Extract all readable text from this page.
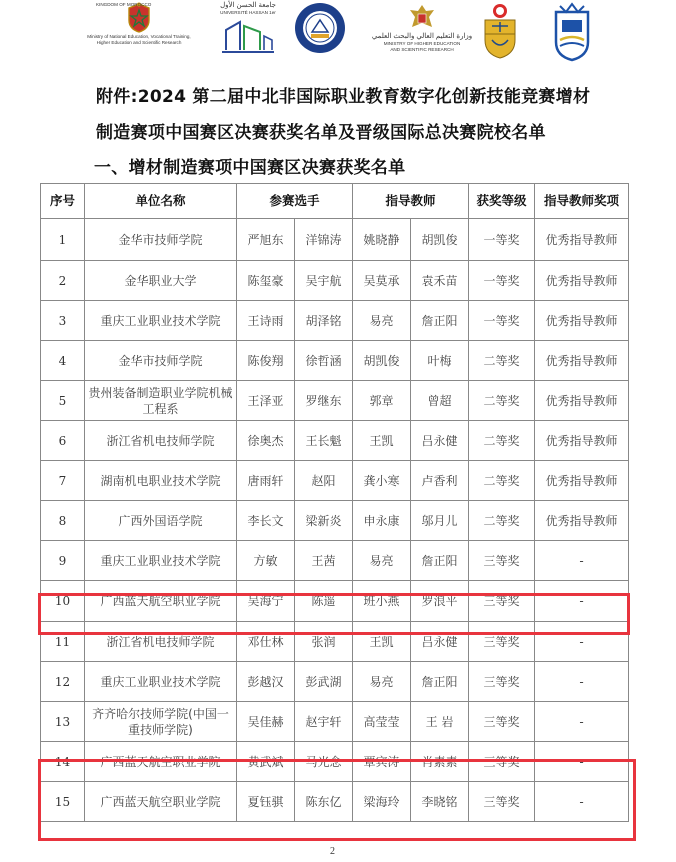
KINGDOM OF MOROCCO
Ministry of National Education, Vocational Training,
Higher Education and Scientific Research
جامعة الحسن الأول
UNIVERSITÉ HASSAN 1er
وزارة التعليم العالي والبحث العلمي
MINISTRY OF HIGHER EDUCATION
AND SCIENTIFIC RESEARCH
附件:2024 第二届中北非国际职业教育数字化创新技能竞赛增材
制造赛项中国赛区决赛获奖名单及晋级国际总决赛院校名单
一、增材制造赛项中国赛区决赛获奖名单
序号	单位名称	参赛选手		指导教师		获奖等级	指导教师奖项
1	金华市技师学院	严旭东	洋锦涛	姚晓静	胡凯俊	一等奖	优秀指导教师
2	金华职业大学	陈玺豪	吴宇航	吴莫承	袁禾苗	一等奖	优秀指导教师
3	重庆工业职业技术学院	王诗雨	胡泽铭	易亮	詹正阳	一等奖	优秀指导教师
4	金华市技师学院	陈俊翔	徐哲涵	胡凯俊	叶梅	二等奖	优秀指导教师
5	贵州装备制造职业学院机械工程系	王泽亚	罗继东	郭章	曾超	二等奖	优秀指导教师
6	浙江省机电技师学院	徐奥杰	王长魁	王凯	吕永健	二等奖	优秀指导教师
7	湖南机电职业技术学院	唐雨轩	赵阳	龚小寒	卢香利	二等奖	优秀指导教师
8	广西外国语学院	李长文	梁新炎	申永康	邬月儿	二等奖	优秀指导教师
9	重庆工业职业技术学院	方敏	王茜	易亮	詹正阳	三等奖	-
10	广西蓝天航空职业学院	吴海宁	陈遥	班小燕	罗浪平	三等奖	-
11	浙江省机电技师学院	邓仕林	张润	王凯	吕永健	三等奖	-
12	重庆工业职业技术学院	彭越汉	彭武湖	易亮	詹正阳	三等奖	-
13	齐齐哈尔技师学院(中国一重技师学院)	吴佳赫	赵宇轩	高莹莹	王 岩	三等奖	-
14	广西蓝天航空职业学院	黄武斌	马光念	覃宾涛	肖素素	三等奖	-
15	广西蓝天航空职业学院	夏钰骐	陈东亿	梁海玲	李晓铭	三等奖	-
2
